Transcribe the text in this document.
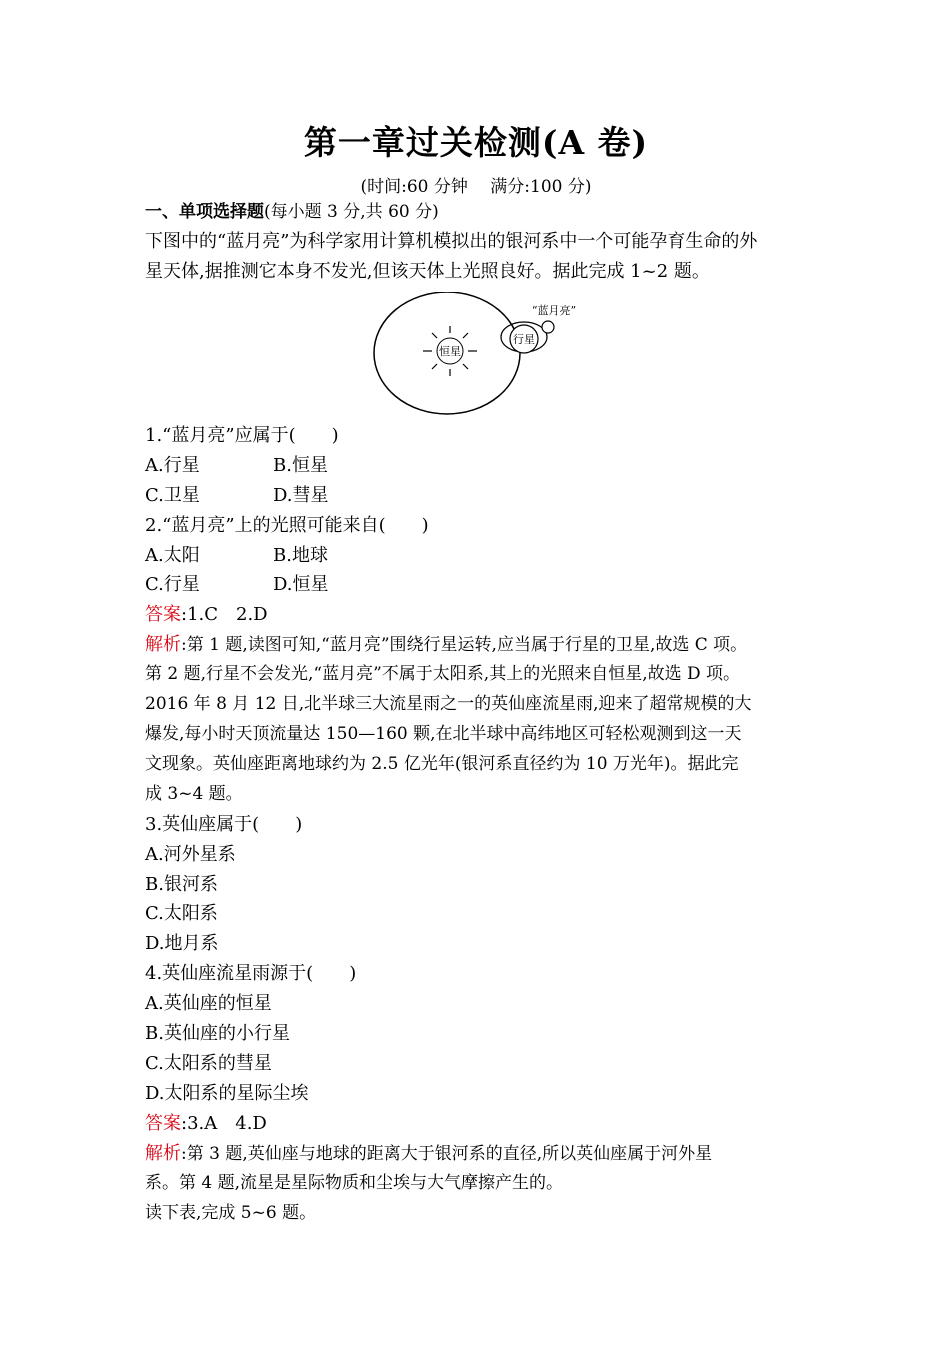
第一章过关检测(A 卷)
(时间:60 分钟　 满分:100 分)
一、单项选择题(每小题 3 分,共 60 分)
下图中的“蓝月亮”为科学家用计算机模拟出的银河系中一个可能孕育生命的外
星天体,据推测它本身不发光,但该天体上光照良好。据此完成 1~2 题。
恒星
行星
“蓝月亮”
1.“蓝月亮”应属于(　　)
A.行星	B.恒星
C.卫星	D.彗星
2.“蓝月亮”上的光照可能来自(　　)
A.太阳	B.地球
C.行星	D.恒星
答案:1.C　2.D
解析:第 1 题,读图可知,“蓝月亮”围绕行星运转,应当属于行星的卫星,故选 C 项。
第 2 题,行星不会发光,“蓝月亮”不属于太阳系,其上的光照来自恒星,故选 D 项。
2016 年 8 月 12 日,北半球三大流星雨之一的英仙座流星雨,迎来了超常规模的大
爆发,每小时天顶流量达 150—160 颗,在北半球中高纬地区可轻松观测到这一天
文现象。英仙座距离地球约为 2.5 亿光年(银河系直径约为 10 万光年)。据此完
成 3~4 题。
3.英仙座属于(　　)
A.河外星系
B.银河系
C.太阳系
D.地月系
4.英仙座流星雨源于(　　)
A.英仙座的恒星
B.英仙座的小行星
C.太阳系的彗星
D.太阳系的星际尘埃
答案:3.A　4.D
解析:第 3 题,英仙座与地球的距离大于银河系的直径,所以英仙座属于河外星
系。第 4 题,流星是星际物质和尘埃与大气摩擦产生的。
读下表,完成 5~6 题。
